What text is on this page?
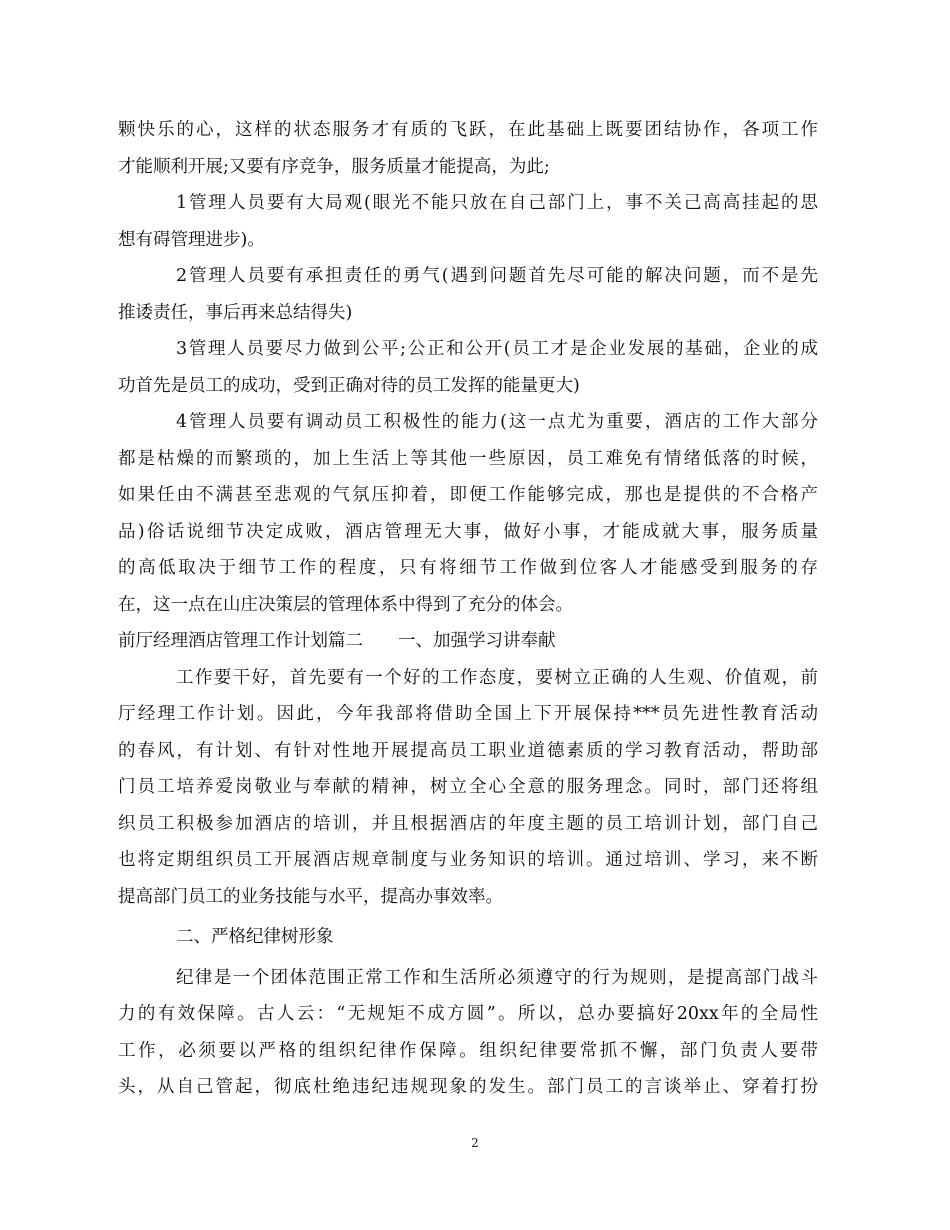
颗快乐的心，这样的状态服务才有质的飞跃，在此基础上既要团结协作，各项工作
才能顺利开展;又要有序竞争，服务质量才能提高，为此;
1管理人员要有大局观(眼光不能只放在自己部门上，事不关己高高挂起的思
想有碍管理进步)。
2管理人员要有承担责任的勇气(遇到问题首先尽可能的解决问题，而不是先
推诿责任，事后再来总结得失)
3管理人员要尽力做到公平;公正和公开(员工才是企业发展的基础，企业的成
功首先是员工的成功，受到正确对待的员工发挥的能量更大)
4管理人员要有调动员工积极性的能力(这一点尤为重要，酒店的工作大部分
都是枯燥的而繁琐的，加上生活上等其他一些原因，员工难免有情绪低落的时候，
如果任由不满甚至悲观的气氛压抑着，即便工作能够完成，那也是提供的不合格产
品)俗话说细节决定成败，酒店管理无大事，做好小事，才能成就大事，服务质量
的高低取决于细节工作的程度，只有将细节工作做到位客人才能感受到服务的存
在，这一点在山庄决策层的管理体系中得到了充分的体会。
前厅经理酒店管理工作计划篇二　　一、加强学习讲奉献
工作要干好，首先要有一个好的工作态度，要树立正确的人生观、价值观，前
厅经理工作计划。因此，今年我部将借助全国上下开展保持***员先进性教育活动
的春风，有计划、有针对性地开展提高员工职业道德素质的学习教育活动，帮助部
门员工培养爱岗敬业与奉献的精神，树立全心全意的服务理念。同时，部门还将组
织员工积极参加酒店的培训，并且根据酒店的年度主题的员工培训计划，部门自己
也将定期组织员工开展酒店规章制度与业务知识的培训。通过培训、学习，来不断
提高部门员工的业务技能与水平，提高办事效率。
二、严格纪律树形象
纪律是一个团体范围正常工作和生活所必须遵守的行为规则，是提高部门战斗
力的有效保障。古人云：“无规矩不成方圆”。所以，总办要搞好20xx年的全局性
工作，必须要以严格的组织纪律作保障。组织纪律要常抓不懈，部门负责人要带
头，从自己管起，彻底杜绝违纪违规现象的发生。部门员工的言谈举止、穿着打扮
2
